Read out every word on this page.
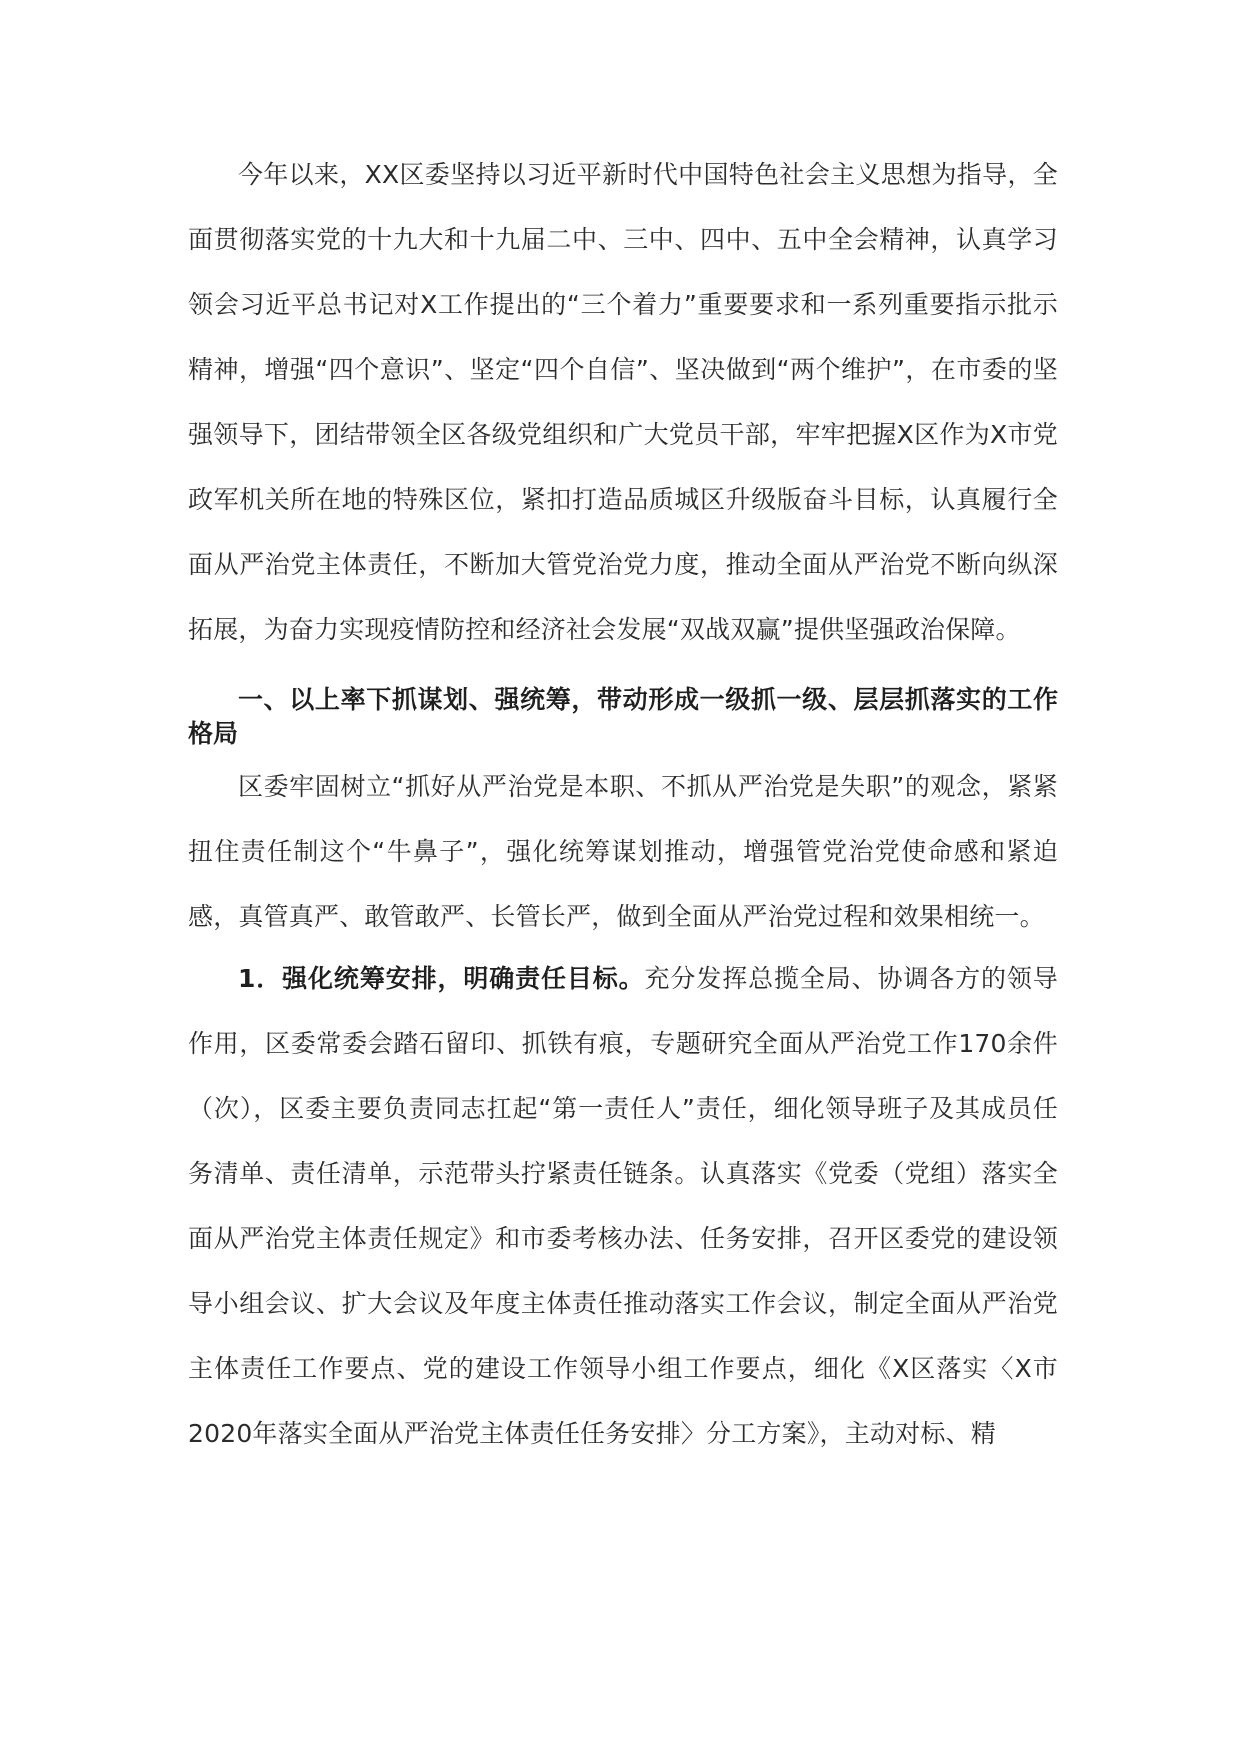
今年以来，XX区委坚持以习近平新时代中国特色社会主义思想为指导，全面贯彻落实党的十九大和十九届二中、三中、四中、五中全会精神，认真学习领会习近平总书记对X工作提出的“三个着力”重要要求和一系列重要指示批示精神，增强“四个意识”、坚定“四个自信”、坚决做到“两个维护”，在市委的坚强领导下，团结带领全区各级党组织和广大党员干部，牢牢把握X区作为X市党政军机关所在地的特殊区位，紧扣打造品质城区升级版奋斗目标，认真履行全面从严治党主体责任，不断加大管党治党力度，推动全面从严治党不断向纵深拓展，为奋力实现疫情防控和经济社会发展“双战双赢”提供坚强政治保障。

一、以上率下抓谋划、强统筹，带动形成一级抓一级、层层抓落实的工作格局

区委牢固树立“抓好从严治党是本职、不抓从严治党是失职”的观念，紧紧扭住责任制这个“牛鼻子”，强化统筹谋划推动，增强管党治党使命感和紧迫感，真管真严、敢管敢严、长管长严，做到全面从严治党过程和效果相统一。

1．强化统筹安排，明确责任目标。充分发挥总揽全局、协调各方的领导作用，区委常委会踏石留印、抓铁有痕，专题研究全面从严治党工作170余件（次），区委主要负责同志扛起“第一责任人”责任，细化领导班子及其成员任务清单、责任清单，示范带头拧紧责任链条。认真落实《党委（党组）落实全面从严治党主体责任规定》和市委考核办法、任务安排，召开区委党的建设领导小组会议、扩大会议及年度主体责任推动落实工作会议，制定全面从严治党主体责任工作要点、党的建设工作领导小组工作要点，细化《X区落实〈X市2020年落实全面从严治党主体责任任务安排〉分工方案》，主动对标、精
